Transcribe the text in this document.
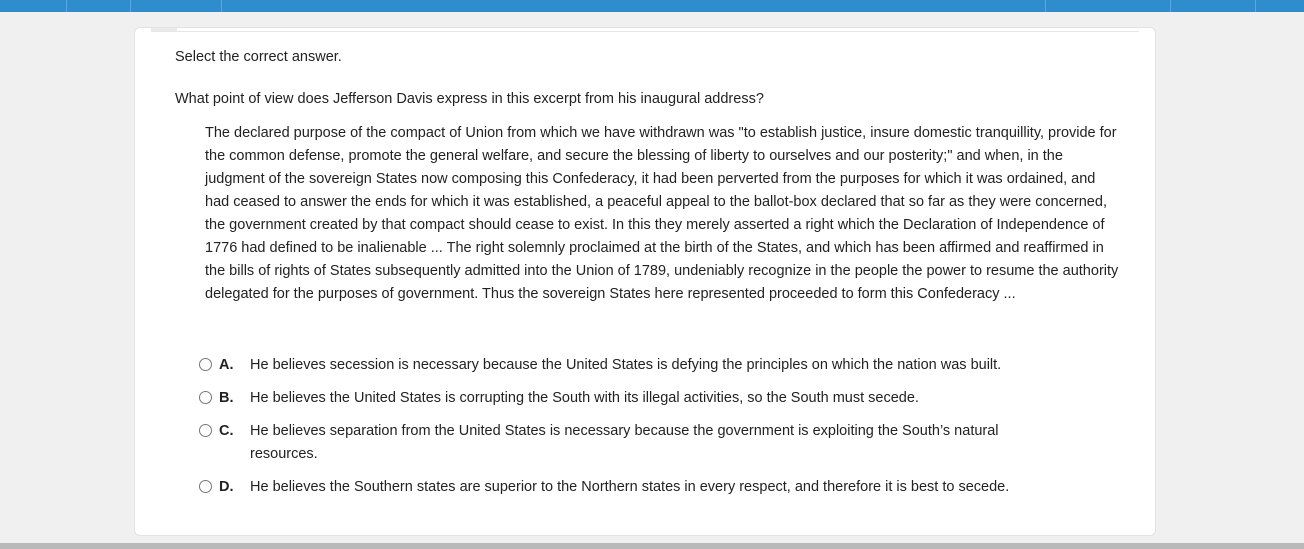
Select the correct answer.
What point of view does Jefferson Davis express in this excerpt from his inaugural address?
The declared purpose of the compact of Union from which we have withdrawn was "to establish justice, insure domestic tranquillity, provide for the common defense, promote the general welfare, and secure the blessing of liberty to ourselves and our posterity;" and when, in the judgment of the sovereign States now composing this Confederacy, it had been perverted from the purposes for which it was ordained, and had ceased to answer the ends for which it was established, a peaceful appeal to the ballot-box declared that so far as they were concerned, the government created by that compact should cease to exist. In this they merely asserted a right which the Declaration of Independence of 1776 had defined to be inalienable ... The right solemnly proclaimed at the birth of the States, and which has been affirmed and reaffirmed in the bills of rights of States subsequently admitted into the Union of 1789, undeniably recognize in the people the power to resume the authority delegated for the purposes of government. Thus the sovereign States here represented proceeded to form this Confederacy ...
A.	He believes secession is necessary because the United States is defying the principles on which the nation was built.
B.	He believes the United States is corrupting the South with its illegal activities, so the South must secede.
C.	He believes separation from the United States is necessary because the government is exploiting the South’s natural resources.
D.	He believes the Southern states are superior to the Northern states in every respect, and therefore it is best to secede.
